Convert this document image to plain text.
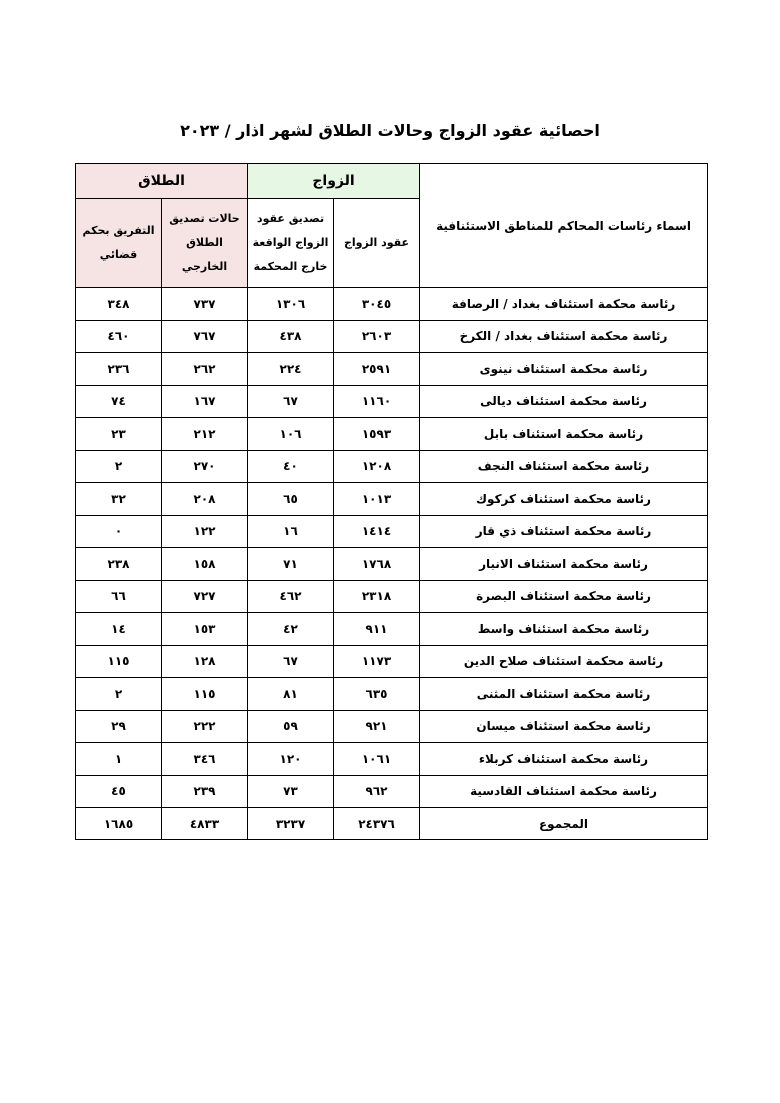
احصائية عقود الزواج وحالات الطلاق لشهر اذار / ٢٠٢٣
اسماء رئاسات المحاكم للمناطق الاستئنافية	الزواج		الطلاق	
	عقود الزواج	تصديق عقود الزواج الواقعة خارج المحكمة	حالات تصديق الطلاق الخارجي	التفريق بحكم قضائي
رئاسة محكمة استئناف بغداد / الرصافة	٣٠٤٥	١٣٠٦	٧٣٧	٣٤٨
رئاسة محكمة استئناف بغداد / الكرخ	٢٦٠٣	٤٣٨	٧٦٧	٤٦٠
رئاسة محكمة استئناف نينوى	٢٥٩١	٢٢٤	٢٦٢	٢٣٦
رئاسة محكمة استئناف ديالى	١١٦٠	٦٧	١٦٧	٧٤
رئاسة محكمة استئناف بابل	١٥٩٣	١٠٦	٢١٢	٢٣
رئاسة محكمة استئناف النجف	١٢٠٨	٤٠	٢٧٠	٢
رئاسة محكمة استئناف كركوك	١٠١٣	٦٥	٢٠٨	٣٢
رئاسة محكمة استئناف ذي قار	١٤١٤	١٦	١٢٢	٠
رئاسة محكمة استئناف الانبار	١٧٦٨	٧١	١٥٨	٢٣٨
رئاسة محكمة استئناف البصرة	٢٣١٨	٤٦٢	٧٢٧	٦٦
رئاسة محكمة استئناف واسط	٩١١	٤٢	١٥٣	١٤
رئاسة محكمة استئناف صلاح الدين	١١٧٣	٦٧	١٢٨	١١٥
رئاسة محكمة استئناف المثنى	٦٣٥	٨١	١١٥	٢
رئاسة محكمة استئناف ميسان	٩٢١	٥٩	٢٢٢	٢٩
رئاسة محكمة استئناف كربلاء	١٠٦١	١٢٠	٣٤٦	١
رئاسة محكمة استئناف القادسية	٩٦٢	٧٣	٢٣٩	٤٥
المجموع	٢٤٣٧٦	٣٢٣٧	٤٨٣٣	١٦٨٥
